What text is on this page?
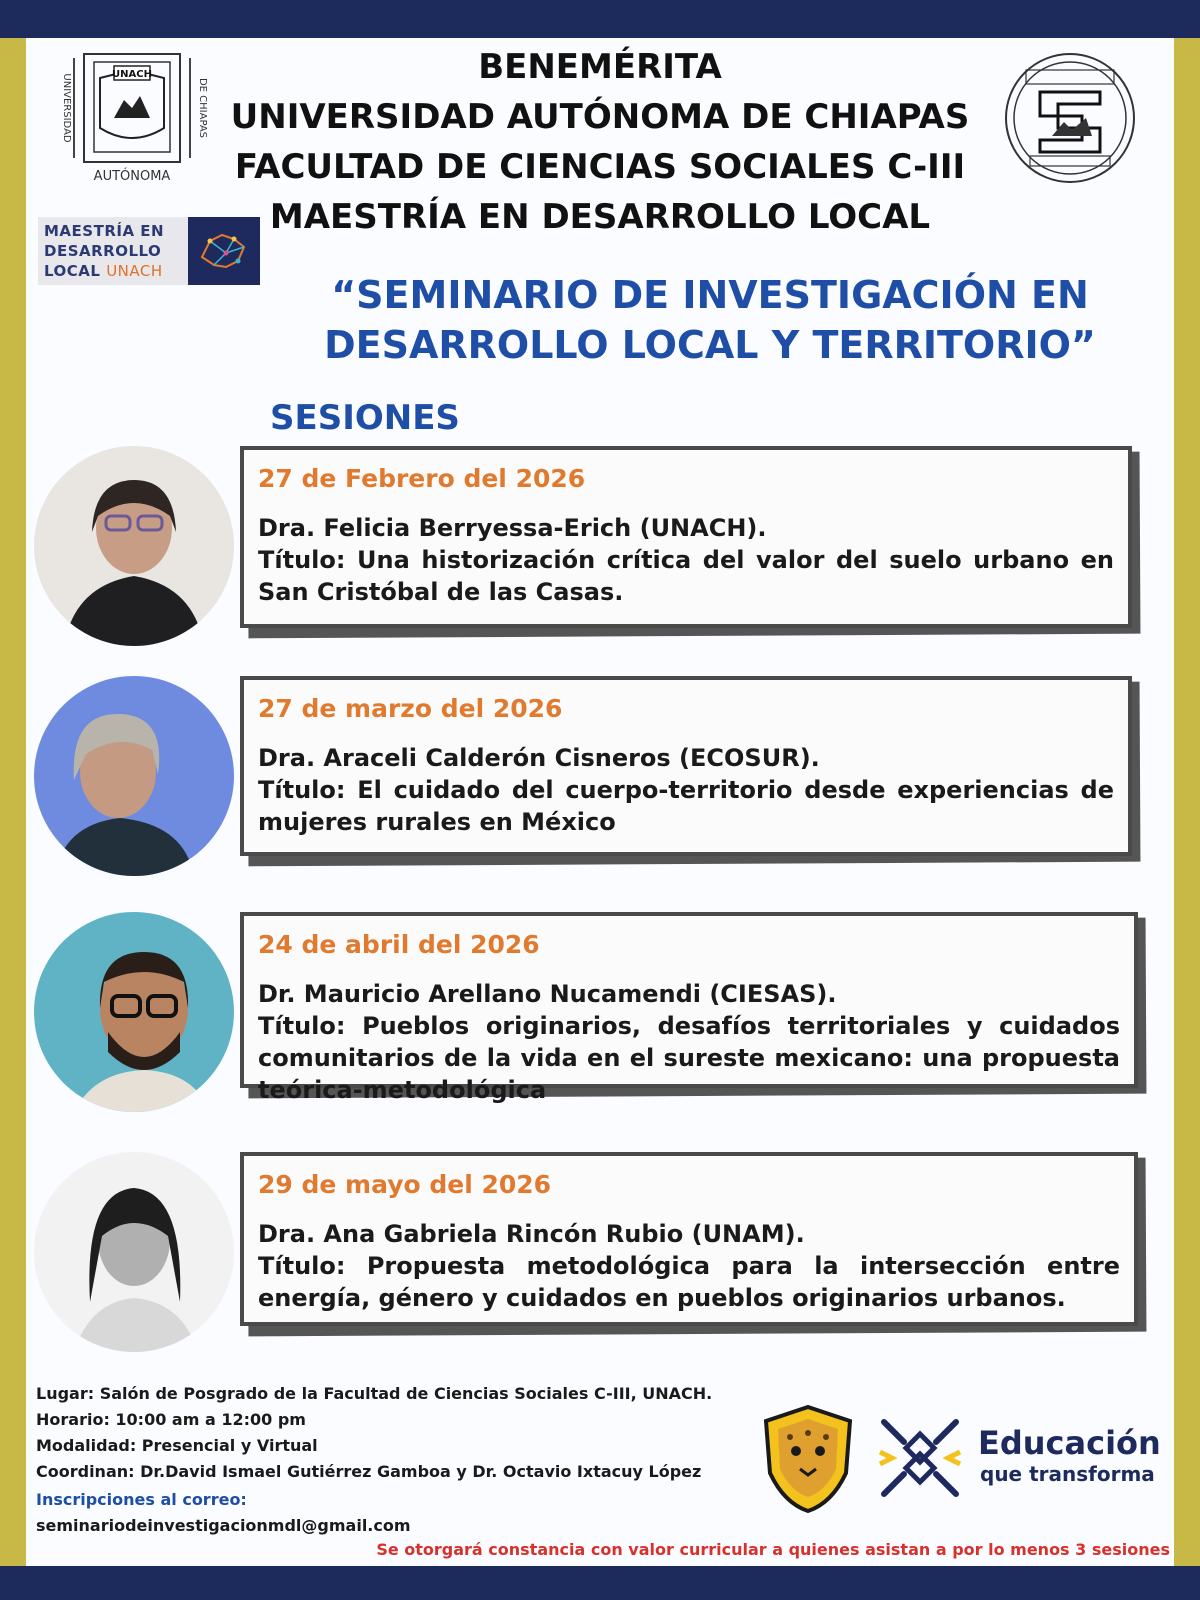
UNACH
UNIVERSIDAD	DE CHIAPAS
AUTÓNOMA
BENEMÉRITA
UNIVERSIDAD AUTÓNOMA DE CHIAPAS
FACULTAD DE CIENCIAS SOCIALES C-III
MAESTRÍA EN DESARROLLO LOCAL
MAESTRÍA EN
DESARROLLO
LOCAL UNACH
“SEMINARIO DE INVESTIGACIÓN EN
DESARROLLO LOCAL Y TERRITORIO”
SESIONES
27 de Febrero del 2026
Dra. Felicia Berryessa-Erich (UNACH).
Título: Una historización crítica del valor del suelo urbano en San Cristóbal de las Casas.
27 de marzo del 2026
Dra. Araceli Calderón Cisneros (ECOSUR).
Título: El cuidado del cuerpo-territorio desde experiencias de mujeres rurales en México
24 de abril del 2026
Dr. Mauricio Arellano Nucamendi (CIESAS).
Título: Pueblos originarios, desafíos territoriales y cuidados comunitarios de la vida en el sureste mexicano: una propuesta teórica-metodológica
29 de mayo del 2026
Dra. Ana Gabriela Rincón Rubio (UNAM).
Título: Propuesta metodológica para la intersección entre energía, género y cuidados en pueblos originarios urbanos.
Lugar: Salón de Posgrado de la Facultad de Ciencias Sociales C-III, UNACH.
Horario: 10:00 am a 12:00 pm
Modalidad: Presencial y Virtual
Coordinan: Dr.David Ismael Gutiérrez Gamboa y Dr. Octavio Ixtacuy López
Inscripciones al correo:
seminariodeinvestigacionmdl@gmail.com
Se otorgará constancia con valor curricular a quienes asistan a por lo menos 3 sesiones
Educación
que transforma
